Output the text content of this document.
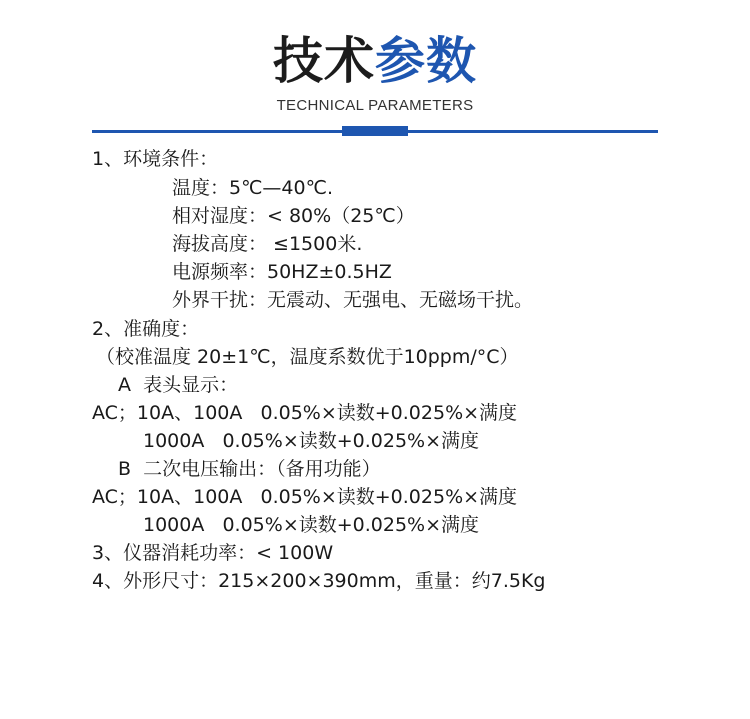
技术参数
TECHNICAL PARAMETERS
1、环境条件：
温度：5℃—40℃.
相对湿度：< 80%（25℃）
海拔高度： ≤1500米.
电源频率：50HZ±0.5HZ
外界干扰：无震动、无强电、无磁场干扰。
2、准确度：
（校准温度 20±1℃，温度系数优于10ppm/°C）
A  表头显示：
AC；10A、100A   0.05%×读数+0.025%×满度
1000A   0.05%×读数+0.025%×满度
B  二次电压输出：（备用功能）
AC；10A、100A   0.05%×读数+0.025%×满度
1000A   0.05%×读数+0.025%×满度
3、仪器消耗功率：< 100W
4、外形尺寸：215×200×390mm，重量：约7.5Kg
